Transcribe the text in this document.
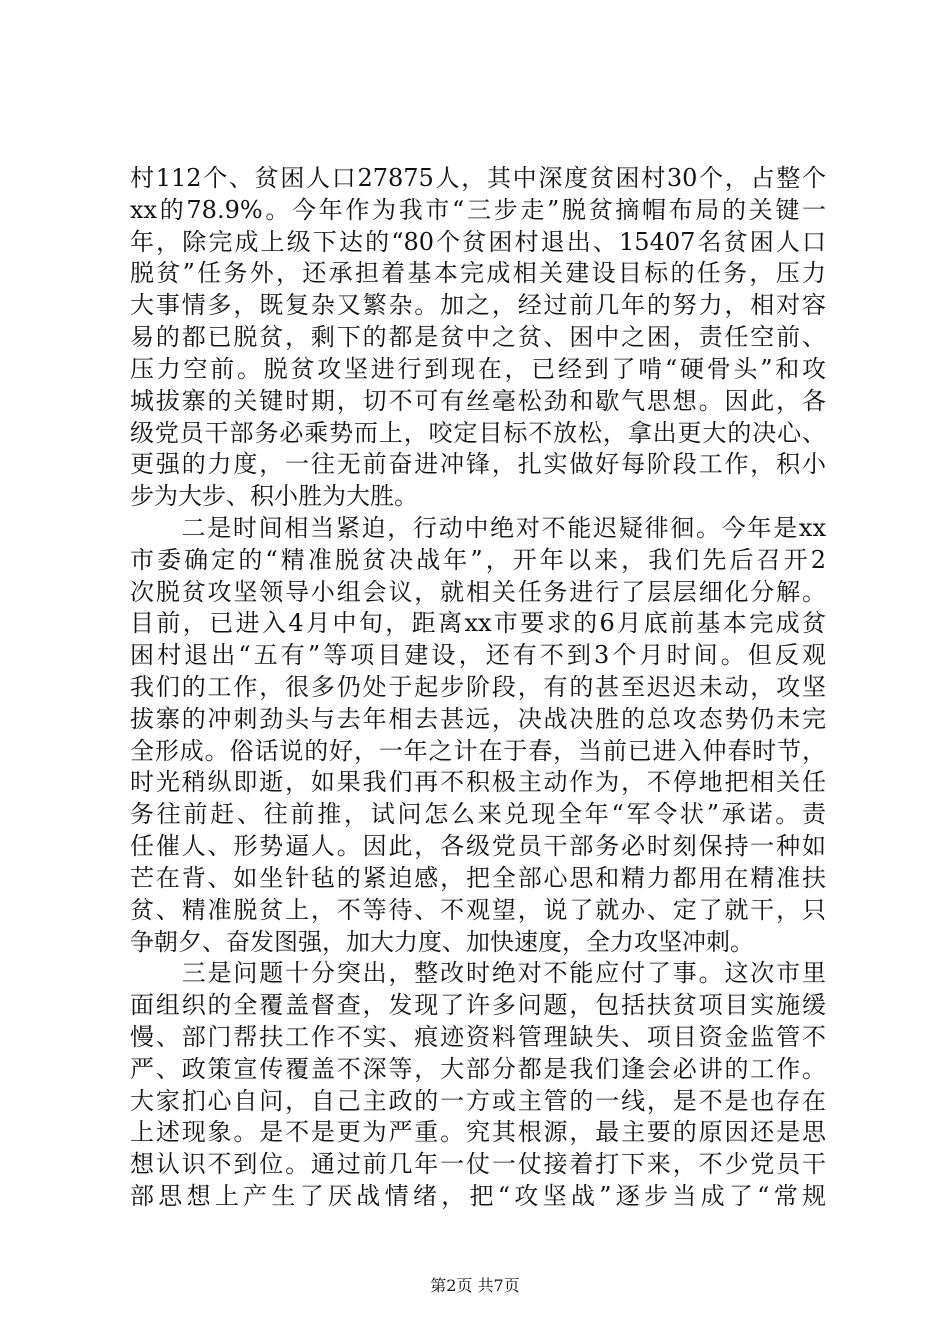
村112个、贫困人口27875人，其中深度贫困村30个，占整个

xx的78.9%。今年作为我市“三步走”脱贫摘帽布局的关键一

年，除完成上级下达的“80个贫困村退出、15407名贫困人口

脱贫”任务外，还承担着基本完成相关建设目标的任务，压力

大事情多，既复杂又繁杂。加之，经过前几年的努力，相对容

易的都已脱贫，剩下的都是贫中之贫、困中之困，责任空前、

压力空前。脱贫攻坚进行到现在，已经到了啃“硬骨头”和攻

城拔寨的关键时期，切不可有丝毫松劲和歇气思想。因此，各

级党员干部务必乘势而上，咬定目标不放松，拿出更大的决心、

更强的力度，一往无前奋进冲锋，扎实做好每阶段工作，积小

步为大步、积小胜为大胜。

　　二是时间相当紧迫，行动中绝对不能迟疑徘徊。今年是xx

市委确定的“精准脱贫决战年”，开年以来，我们先后召开2

次脱贫攻坚领导小组会议，就相关任务进行了层层细化分解。

目前，已进入4月中旬，距离xx市要求的6月底前基本完成贫

困村退出“五有”等项目建设，还有不到3个月时间。但反观

我们的工作，很多仍处于起步阶段，有的甚至迟迟未动，攻坚

拔寨的冲刺劲头与去年相去甚远，决战决胜的总攻态势仍未完

全形成。俗话说的好，一年之计在于春，当前已进入仲春时节，

时光稍纵即逝，如果我们再不积极主动作为，不停地把相关任

务往前赶、往前推，试问怎么来兑现全年“军令状”承诺。责

任催人、形势逼人。因此，各级党员干部务必时刻保持一种如

芒在背、如坐针毡的紧迫感，把全部心思和精力都用在精准扶

贫、精准脱贫上，不等待、不观望，说了就办、定了就干，只

争朝夕、奋发图强，加大力度、加快速度，全力攻坚冲刺。

　　三是问题十分突出，整改时绝对不能应付了事。这次市里

面组织的全覆盖督查，发现了许多问题，包括扶贫项目实施缓

慢、部门帮扶工作不实、痕迹资料管理缺失、项目资金监管不

严、政策宣传覆盖不深等，大部分都是我们逢会必讲的工作。

大家扪心自问，自己主政的一方或主管的一线，是不是也存在

上述现象。是不是更为严重。究其根源，最主要的原因还是思

想认识不到位。通过前几年一仗一仗接着打下来，不少党员干

部思想上产生了厌战情绪，把“攻坚战”逐步当成了“常规

第2页 共7页
